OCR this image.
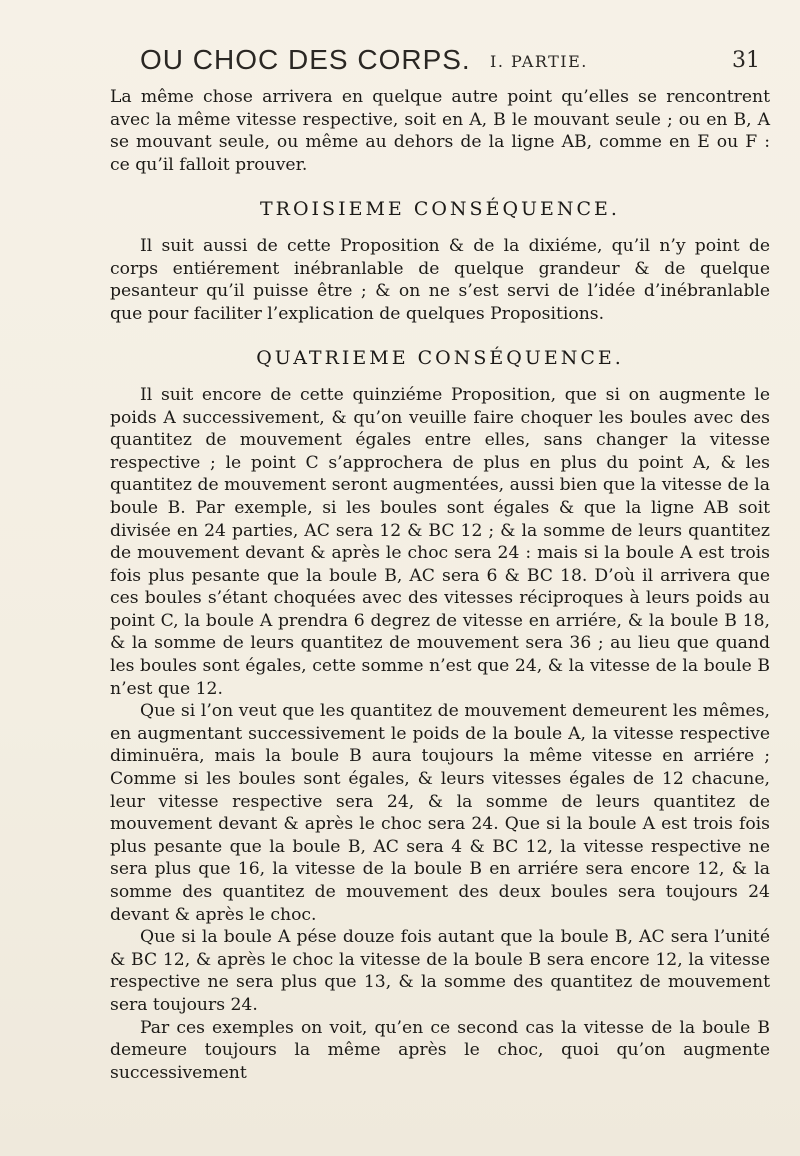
OU CHOC DES CORPS. I. PARTIE.	31

La même chose arrivera en quelque autre point qu’elles se rencontrent avec la même vitesse respective, soit en A, B le mouvant seule ; ou en B, A se mouvant seule, ou même au dehors de la ligne AB, comme en E ou F : ce qu’il falloit prouver.

TROISIEME CONSÉQUENCE.

Il suit aussi de cette Proposition & de la dixiéme, qu’il n’y point de corps entiérement inébranlable de quelque grandeur & de quelque pesanteur qu’il puisse être ; & on ne s’est servi de l’idée d’inébranlable que pour faciliter l’explication de quelques Propositions.

QUATRIEME CONSÉQUENCE.

Il suit encore de cette quinziéme Proposition, que si on augmente le poids A successivement, & qu’on veuille faire choquer les boules avec des quantitez de mouvement égales entre elles, sans changer la vitesse respective ; le point C s’approchera de plus en plus du point A, & les quantitez de mouvement seront augmentées, aussi bien que la vitesse de la boule B. Par exemple, si les boules sont égales & que la ligne AB soit divisée en 24 parties, AC sera 12 & BC 12 ; & la somme de leurs quantitez de mouvement devant & après le choc sera 24 : mais si la boule A est trois fois plus pesante que la boule B, AC sera 6 & BC 18. D’où il arrivera que ces boules s’étant choquées avec des vitesses réciproques à leurs poids au point C, la boule A prendra 6 degrez de vitesse en arriére, & la boule B 18, & la somme de leurs quantitez de mouvement sera 36 ; au lieu que quand les boules sont égales, cette somme n’est que 24, & la vitesse de la boule B n’est que 12.

Que si l’on veut que les quantitez de mouvement demeurent les mêmes, en augmentant successivement le poids de la boule A, la vitesse respective diminuëra, mais la boule B aura toujours la même vitesse en arriére ; Comme si les boules sont égales, & leurs vitesses égales de 12 chacune, leur vitesse respective sera 24, & la somme de leurs quantitez de mouvement devant & après le choc sera 24. Que si la boule A est trois fois plus pesante que la boule B, AC sera 4 & BC 12, la vitesse respective ne sera plus que 16, la vitesse de la boule B en arriére sera encore 12, & la somme des quantitez de mouvement des deux boules sera toujours 24 devant & après le choc.

Que si la boule A pése douze fois autant que la boule B, AC sera l’unité & BC 12, & après le choc la vitesse de la boule B sera encore 12, la vitesse respective ne sera plus que 13, & la somme des quantitez de mouvement sera toujours 24.

Par ces exemples on voit, qu’en ce second cas la vitesse de la boule B demeure toujours la même après le choc, quoi qu’on augmente successivement
